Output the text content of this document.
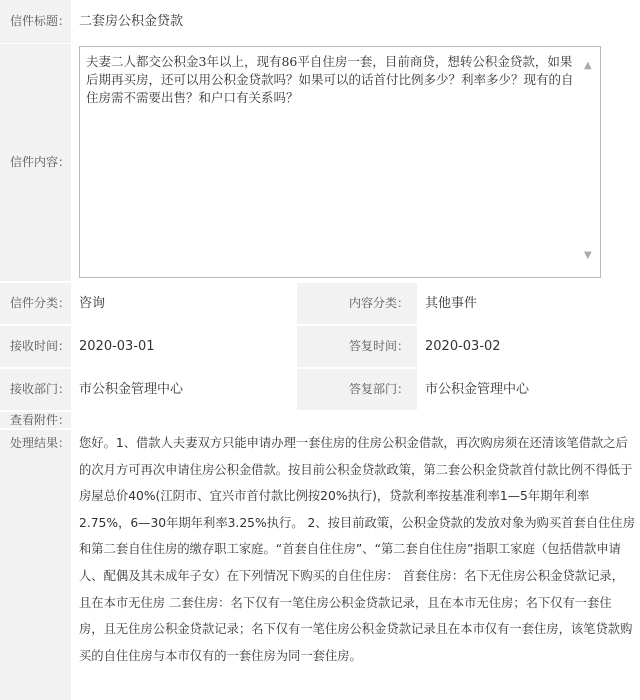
信件标题： 二套房公积金贷款
信件内容：
夫妻二人都交公积金3年以上，现有86平自住房一套，目前商贷，想转公积金贷款，如果后期再买房，还可以用公积金贷款吗？如果可以的话首付比例多少？利率多少？现有的自住房需不需要出售？和户口有关系吗？
▲
▼
信件分类： 咨询	内容分类：	其他事件
接收时间： 2020-03-01	答复时间：	2020-03-02
接收部门： 市公积金管理中心	答复部门：	市公积金管理中心
查看附件：
处理结果： 您好。1、借款人夫妻双方只能申请办理一套住房的住房公积金借款，再次购房须在还清该笔借款之后的次月方可再次申请住房公积金借款。按目前公积金贷款政策，第二套公积金贷款首付款比例不得低于房屋总价40%(江阴市、宜兴市首付款比例按20%执行)，贷款利率按基准利率1—5年期年利率2.75%，6—30年期年利率3.25%执行。 2、按目前政策，公积金贷款的发放对象为购买首套自住住房和第二套自住住房的缴存职工家庭。“首套自住住房”、“第二套自住住房”指职工家庭（包括借款申请人、配偶及其未成年子女）在下列情况下购买的自住住房： 首套住房：名下无住房公积金贷款记录，且在本市无住房 二套住房：名下仅有一笔住房公积金贷款记录，且在本市无住房；名下仅有一套住房，且无住房公积金贷款记录；名下仅有一笔住房公积金贷款记录且在本市仅有一套住房，该笔贷款购买的自住住房与本市仅有的一套住房为同一套住房。
